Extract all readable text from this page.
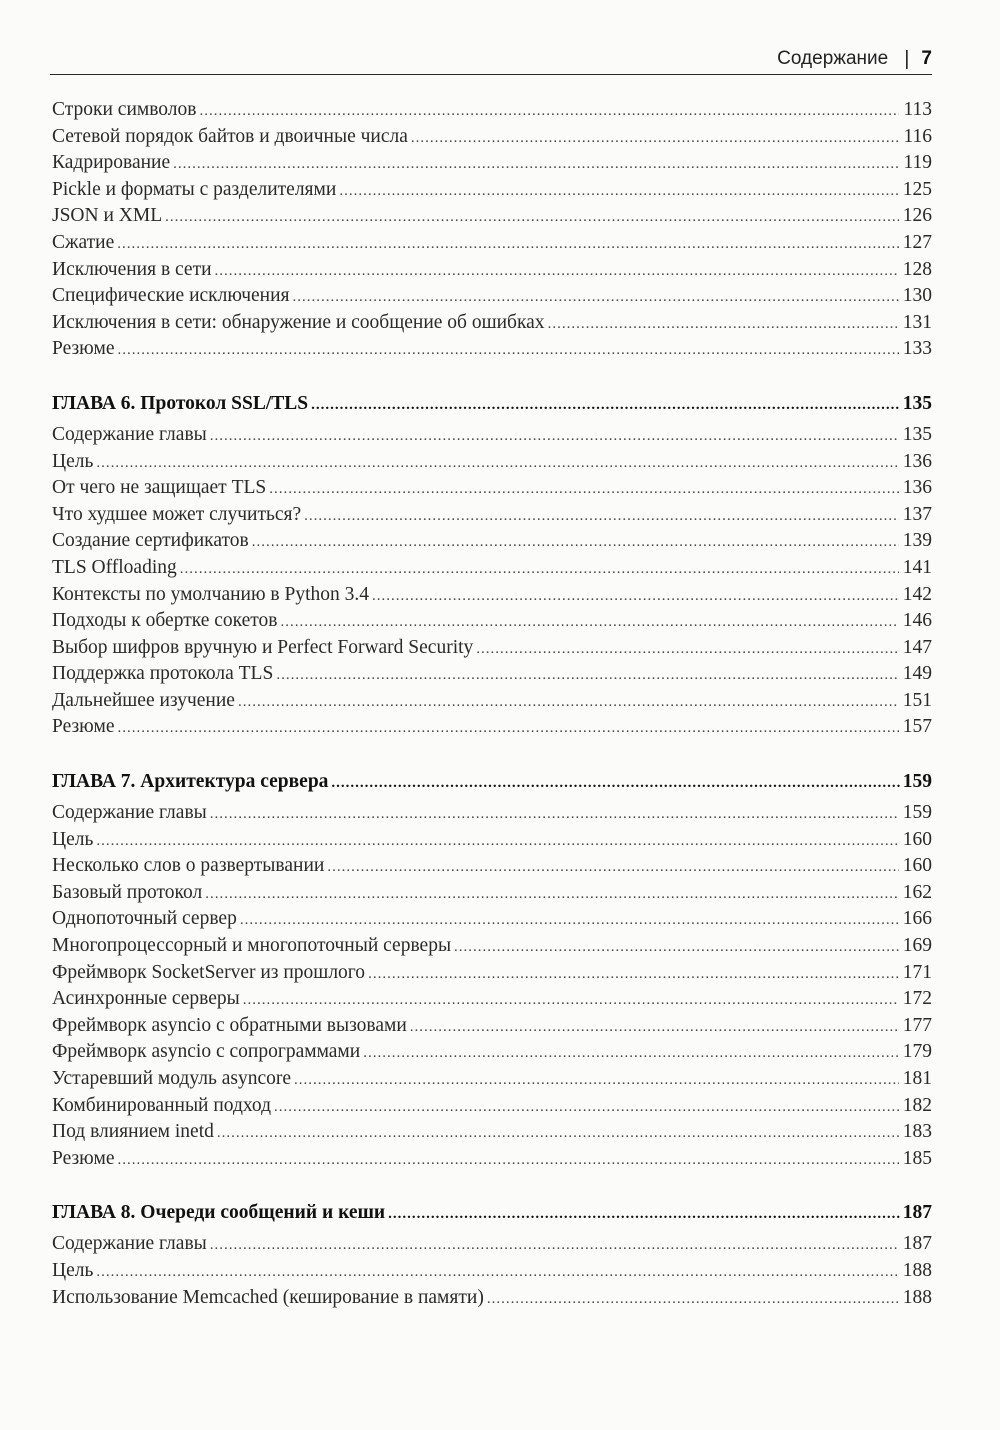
Содержание | 7
Строки символов .....	113
Сетевой порядок байтов и двоичные числа .....	116
Кадрирование .....	119
Pickle и форматы с разделителями .....	125
JSON и XML .....	126
Сжатие .....	127
Исключения в сети .....	128
Специфические исключения .....	130
Исключения в сети: обнаружение и сообщение об ошибках .....	131
Резюме .....	133
ГЛАВА 6. Протокол SSL/TLS .....	135
Содержание главы .....	135
Цель .....	136
От чего не защищает TLS .....	136
Что худшее может случиться? .....	137
Создание сертификатов .....	139
TLS Offloading .....	141
Контексты по умолчанию в Python 3.4 .....	142
Подходы к обертке сокетов .....	146
Выбор шифров вручную и Perfect Forward Security .....	147
Поддержка протокола TLS .....	149
Дальнейшее изучение .....	151
Резюме .....	157
ГЛАВА 7. Архитектура сервера .....	159
Содержание главы .....	159
Цель .....	160
Несколько слов о развертывании .....	160
Базовый протокол .....	162
Однопоточный сервер .....	166
Многопроцессорный и многопоточный серверы .....	169
Фреймворк SocketServer из прошлого .....	171
Асинхронные серверы .....	172
Фреймворк asyncio с обратными вызовами .....	177
Фреймворк asyncio с сопрограммами .....	179
Устаревший модуль asyncore .....	181
Комбинированный подход .....	182
Под влиянием inetd .....	183
Резюме .....	185
ГЛАВА 8. Очереди сообщений и кеши .....	187
Содержание главы .....	187
Цель .....	188
Использование Memcached (кеширование в памяти) .....	188
